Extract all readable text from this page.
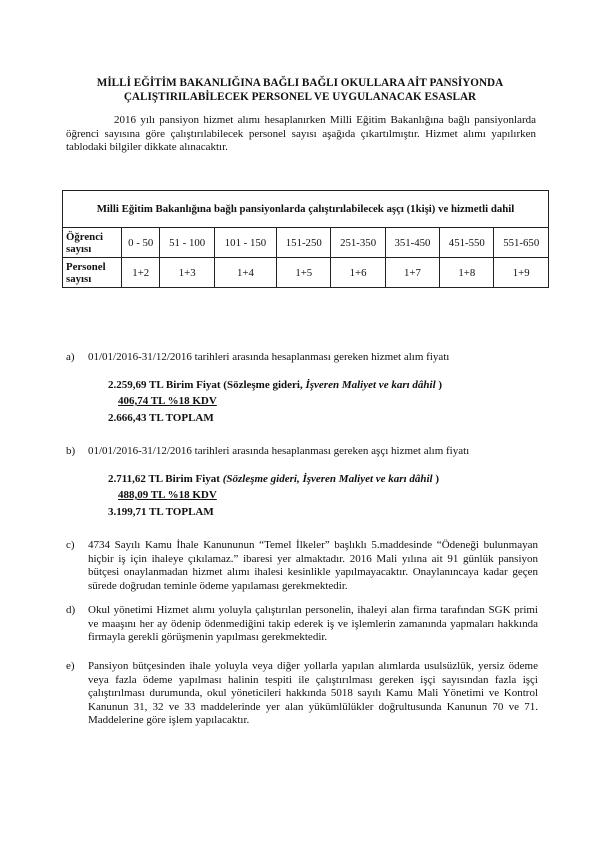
MİLLİ EĞİTİM BAKANLIĞINA BAĞLI BAĞLI OKULLARA AİT PANSİYONDA
ÇALIŞTIRILABİLECEK PERSONEL VE UYGULANACAK ESASLAR
2016 yılı pansiyon hizmet alımı hesaplanırken Milli Eğitim Bakanlığına bağlı pansiyonlarda öğrenci sayısına göre çalıştırılabilecek personel sayısı aşağıda çıkartılmıştır. Hizmet alımı yapılırken tablodaki bilgiler dikkate alınacaktır.
Milli Eğitim Bakanlığına bağlı pansiyonlarda çalıştırılabilecek aşçı (1kişi) ve hizmetli dahil								
Öğrenci
sayısı	0 - 50	51 - 100	101 - 150	151-250	251-350	351-450	451-550	551-650
Personel
sayısı	1+2	1+3	1+4	1+5	1+6	1+7	1+8	1+9
a) 01/01/2016-31/12/2016 tarihleri arasında hesaplanması gereken hizmet alım fiyatı
2.259,69 TL Birim Fiyat (Sözleşme gideri, İşveren Maliyet ve karı dâhil )
406,74 TL %18 KDV
2.666,43 TL TOPLAM
b) 01/01/2016-31/12/2016 tarihleri arasında hesaplanması gereken aşçı hizmet alım fiyatı
2.711,62 TL Birim Fiyat (Sözleşme gideri, İşveren Maliyet ve karı dâhil )
488,09 TL %18 KDV
3.199,71 TL TOPLAM
c) 4734 Sayılı Kamu İhale Kanununun “Temel İlkeler” başlıklı 5.maddesinde “Ödeneği bulunmayan hiçbir iş için ihaleye çıkılamaz.” ibaresi yer almaktadır. 2016 Mali yılına ait 91 günlük pansiyon bütçesi onaylanmadan hizmet alımı ihalesi kesinlikle yapılmayacaktır. Onaylanıncaya kadar geçen sürede doğrudan teminle ödeme yapılaması gerekmektedir.
d) Okul yönetimi Hizmet alımı yoluyla çalıştırılan personelin, ihaleyi alan firma tarafından SGK primi ve maaşını her ay ödenip ödenmediğini takip ederek iş ve işlemlerin zamanında yapmaları hakkında firmayla gerekli görüşmenin yapılması gerekmektedir.
e) Pansiyon bütçesinden ihale yoluyla veya diğer yollarla yapılan alımlarda usulsüzlük, yersiz ödeme veya fazla ödeme yapılması halinin tespiti ile çalıştırılması gereken işçi sayısından fazla işçi çalıştırılması durumunda, okul yöneticileri hakkında 5018 sayılı Kamu Mali Yönetimi ve Kontrol Kanunun 31, 32 ve 33 maddelerinde yer alan yükümlülükler doğrultusunda Kanunun 70 ve 71. Maddelerine göre işlem yapılacaktır.
